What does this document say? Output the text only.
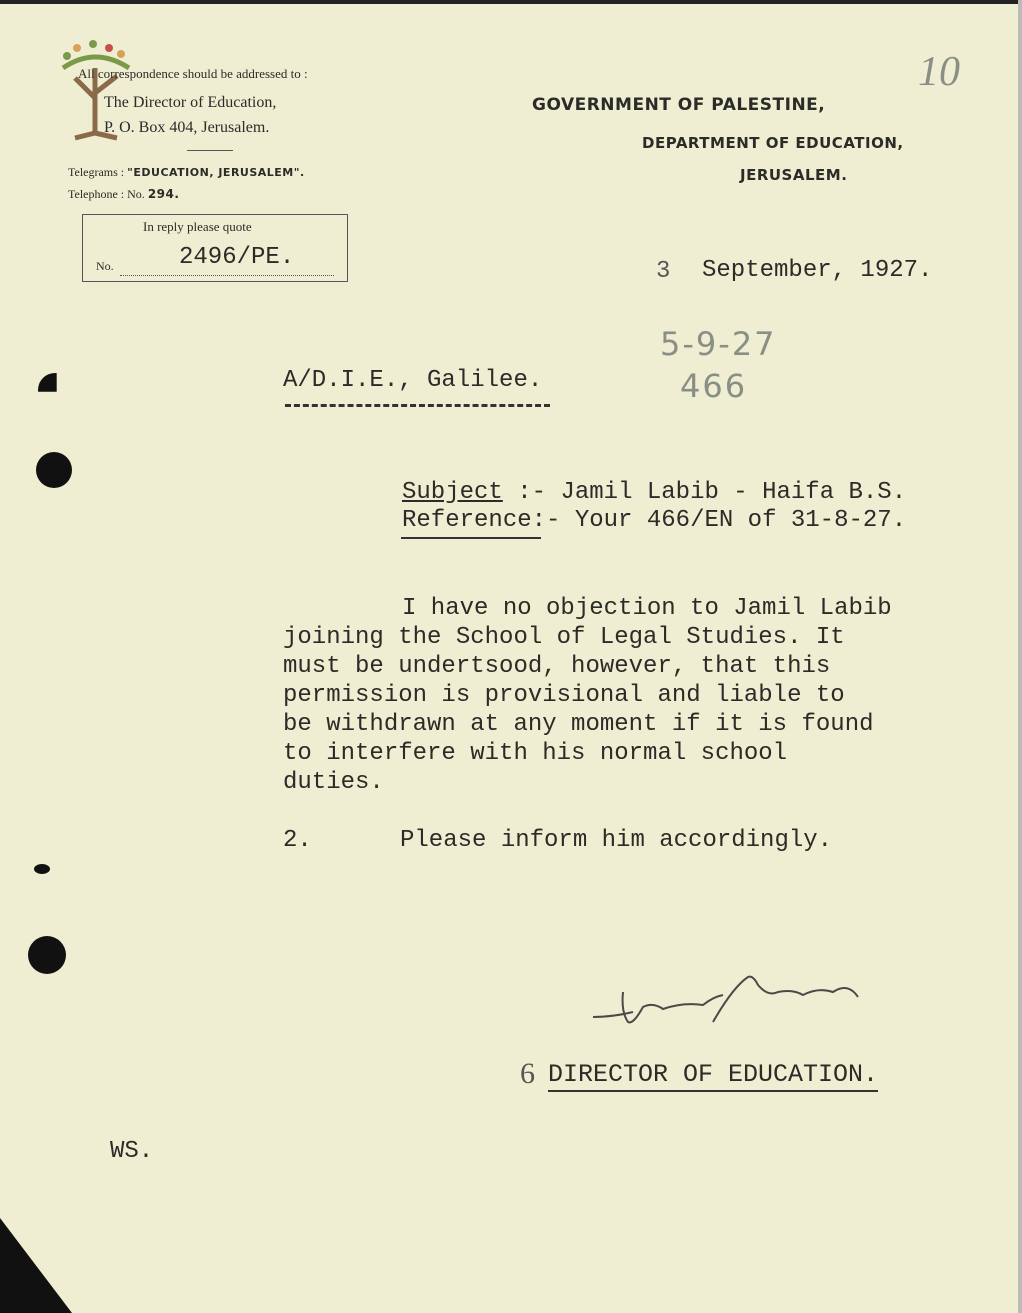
All correspondence should be addressed to :
The Director of Education,
P. O. Box 404, Jerusalem.
Telegrams : "EDUCATION, JERUSALEM".
Telephone : No. 294.
In reply please quote
No.	2496/PE.
GOVERNMENT OF PALESTINE,
DEPARTMENT OF EDUCATION,
JERUSALEM.
10
3 September, 1927.
5-9-27
466
A/D.I.E., Galilee.
Subject :- Jamil Labib - Haifa B.S.
Reference:- Your 466/EN of 31-8-27.
I have no objection to Jamil Labib
joining the School of Legal Studies. It
must be undertsood, however, that this
permission is provisional and liable to
be withdrawn at any moment if it is found
to interfere with his normal school
duties.
2.	Please inform him accordingly.
6 DIRECTOR OF EDUCATION.
WS.
